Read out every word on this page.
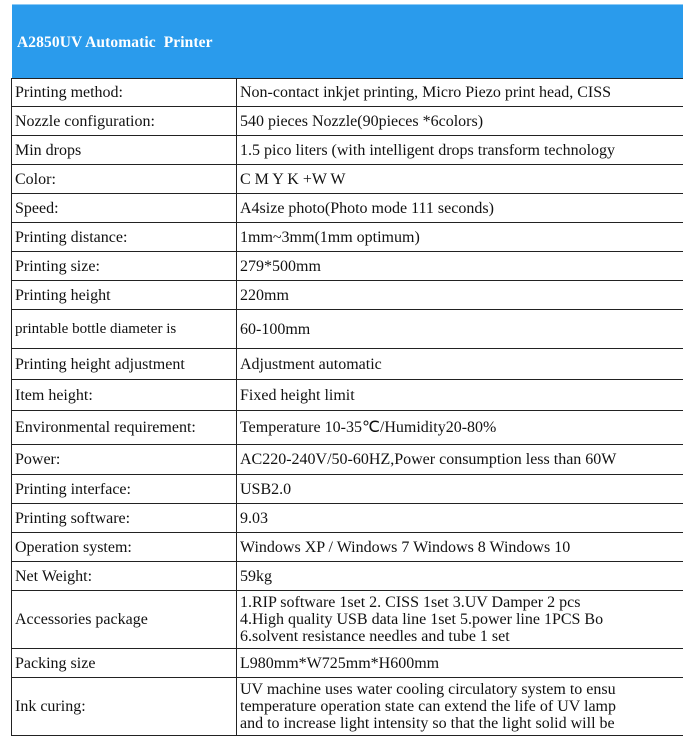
A2850UV Automatic  Printer
Printing method:	Non-contact inkjet printing, Micro Piezo print head, CISS
Nozzle configuration:	540 pieces Nozzle(90pieces *6colors)
Min drops	1.5 pico liters (with intelligent drops transform technology
Color:	C M Y K +W W
Speed:	A4size photo(Photo mode 111 seconds)
Printing distance:	1mm~3mm(1mm optimum)
Printing size:	279*500mm
Printing height	220mm
printable bottle diameter is	60-100mm
Printing height adjustment	Adjustment automatic
Item height:	Fixed height limit
Environmental requirement:	Temperature 10-35℃/Humidity20-80%
Power:	AC220-240V/50-60HZ,Power consumption less than 60W
Printing interface:	USB2.0
Printing software:	9.03
Operation system:	Windows XP / Windows 7 Windows 8 Windows 10
Net Weight:	59kg
Accessories package	1.RIP software 1set 2. CISS 1set 3.UV Damper 2 pcs
4.High quality USB data line 1set 5.power line 1PCS Bo
6.solvent resistance needles and tube 1 set

Packing size	L980mm*W725mm*H600mm
Ink curing:	UV machine uses water cooling circulatory system to ensu
temperature operation state can extend the life of UV lamp
and to increase light intensity so that the light solid will be
